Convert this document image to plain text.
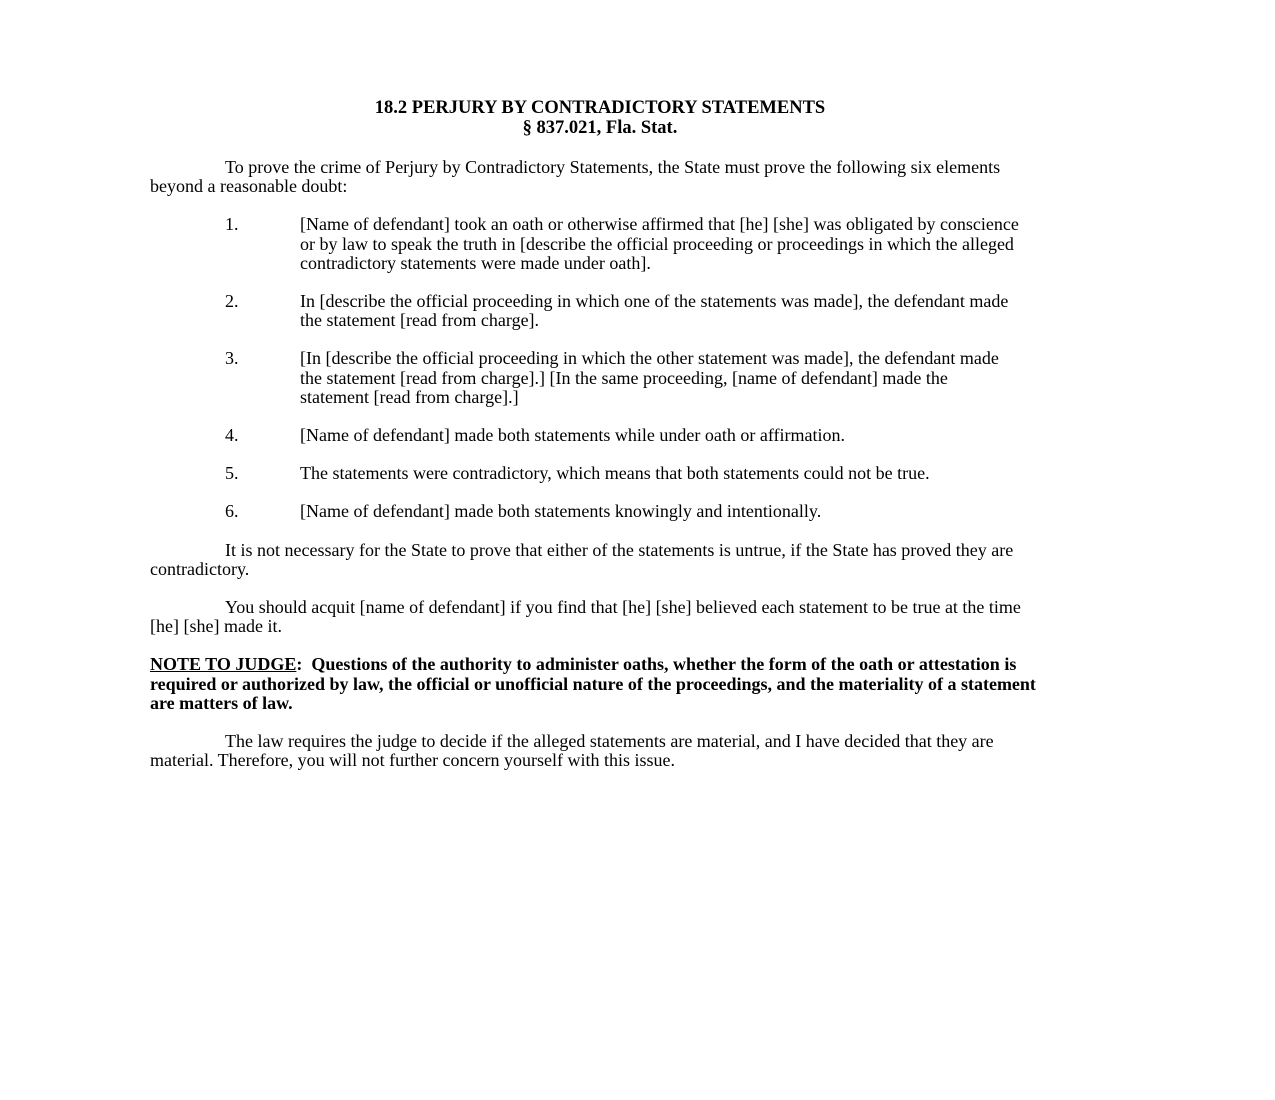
18.2 PERJURY BY CONTRADICTORY STATEMENTS
§ 837.021, Fla. Stat.

To prove the crime of Perjury by Contradictory Statements, the State must prove the following six elements beyond a reasonable doubt:

1.	[Name of defendant] took an oath or otherwise affirmed that [he] [she] was obligated by conscience or by law to speak the truth in [describe the official proceeding or proceedings in which the alleged contradictory statements were made under oath].
2.	In [describe the official proceeding in which one of the statements was made], the defendant made the statement [read from charge].
3.	[In [describe the official proceeding in which the other statement was made], the defendant made the statement [read from charge].] [In the same proceeding, [name of defendant] made the statement [read from charge].]
4.	[Name of defendant] made both statements while under oath or affirmation.
5.	The statements were contradictory, which means that both statements could not be true.
6.	[Name of defendant] made both statements knowingly and intentionally.

It is not necessary for the State to prove that either of the statements is untrue, if the State has proved they are contradictory.

You should acquit [name of defendant] if you find that [he] [she] believed each statement to be true at the time [he] [she] made it.

NOTE TO JUDGE: Questions of the authority to administer oaths, whether the form of the oath or attestation is required or authorized by law, the official or unofficial nature of the proceedings, and the materiality of a statement are matters of law.

The law requires the judge to decide if the alleged statements are material, and I have decided that they are material. Therefore, you will not further concern yourself with this issue.
